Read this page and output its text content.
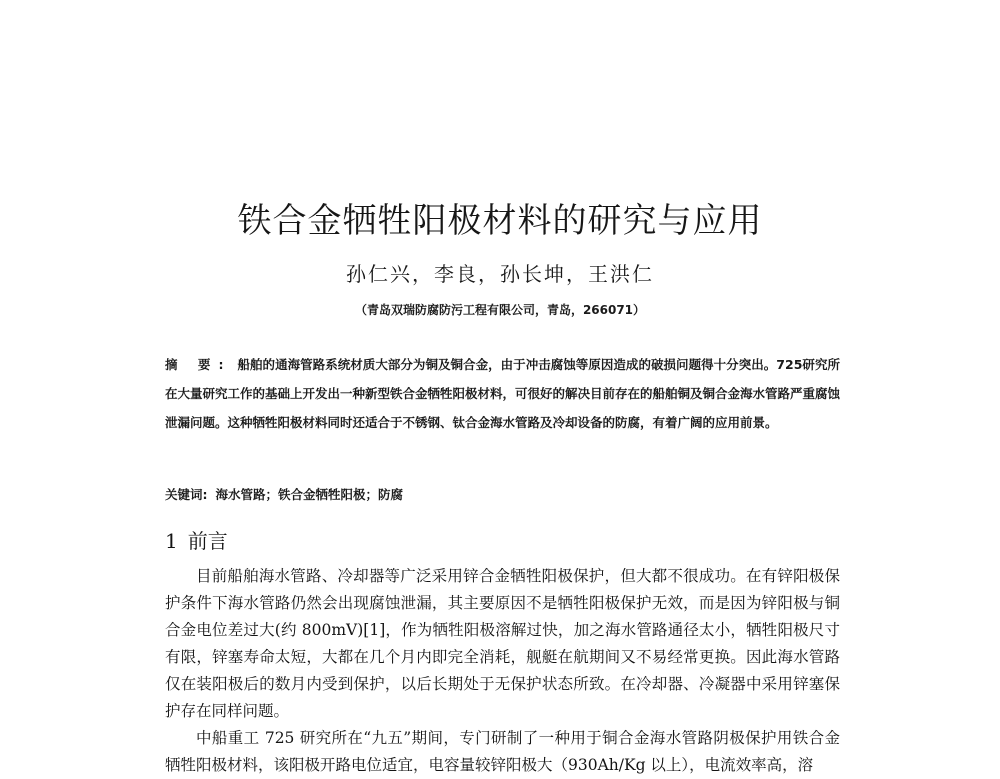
铁合金牺牲阳极材料的研究与应用
孙仁兴，李良，孙长坤，王洪仁
（青岛双瑞防腐防污工程有限公司，青岛，266071）
摘 要: 船舶的通海管路系统材质大部分为铜及铜合金，由于冲击腐蚀等原因造成的破损问题得十分突出。725研究所在大量研究工作的基础上开发出一种新型铁合金牺牲阳极材料，可很好的解决目前存在的船舶铜及铜合金海水管路严重腐蚀泄漏问题。这种牺牲阳极材料同时还适合于不锈钢、钛合金海水管路及冷却设备的防腐，有着广阔的应用前景。
关键词: 海水管路；铁合金牺牲阳极；防腐
1 前言

目前船舶海水管路、冷却器等广泛采用锌合金牺牲阳极保护，但大都不很成功。在有锌阳极保护条件下海水管路仍然会出现腐蚀泄漏，其主要原因不是牺牲阳极保护无效，而是因为锌阳极与铜合金电位差过大(约 800mV)[1]，作为牺牲阳极溶解过快，加之海水管路通径太小，牺牲阳极尺寸有限，锌塞寿命太短，大都在几个月内即完全消耗，舰艇在航期间又不易经常更换。因此海水管路仅在装阳极后的数月内受到保护，以后长期处于无保护状态所致。在冷却器、冷凝器中采用锌塞保护存在同样问题。

中船重工 725 研究所在“九五”期间，专门研制了一种用于铜合金海水管路阴极保护用铁合金牺牲阳极材料，该阳极开路电位适宜，电容量较锌阳极大（930Ah/Kg 以上），电流效率高，溶
